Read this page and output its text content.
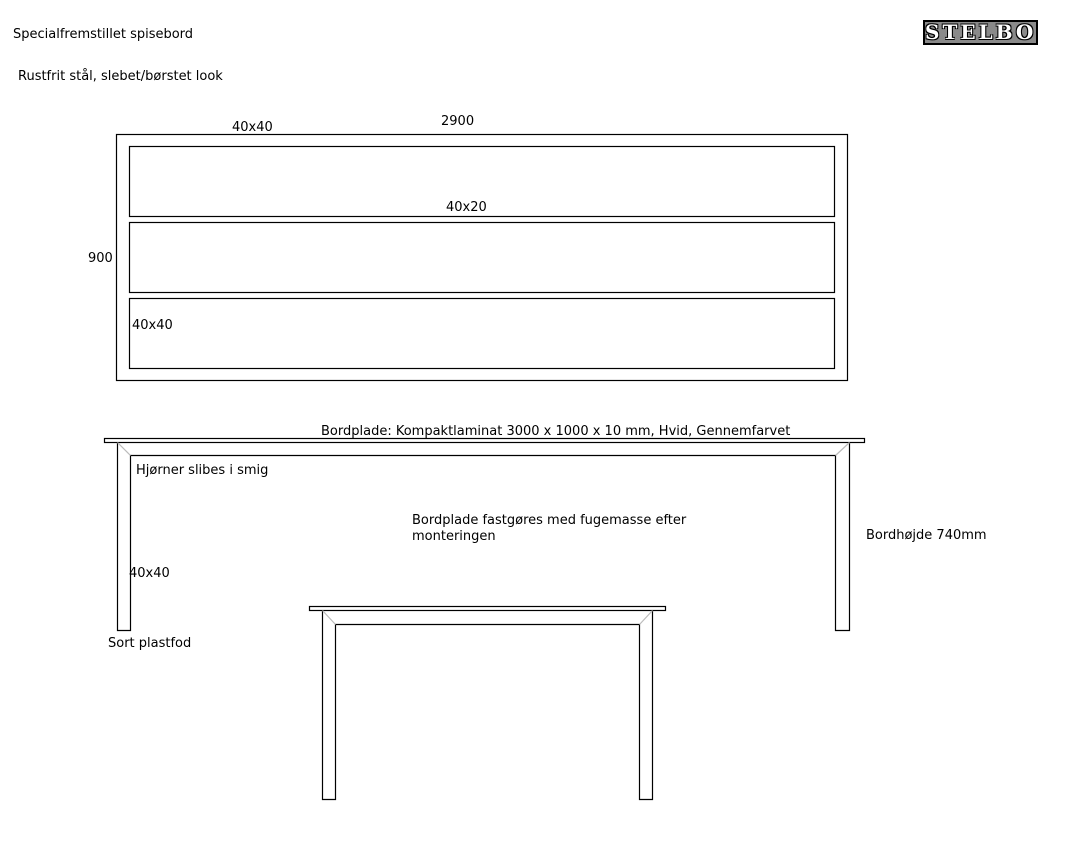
Specialfremstillet spisebord
Rustfrit stål, slebet/børstet look
STELBO
40x40	2900
40x20
900
40x40
Bordplade: Kompaktlaminat 3000 x 1000 x 10 mm, Hvid, Gennemfarvet
Hjørner slibes i smig
Bordplade fastgøres med fugemasse efter monteringen	Bordhøjde 740mm
40x40
Sort plastfod
